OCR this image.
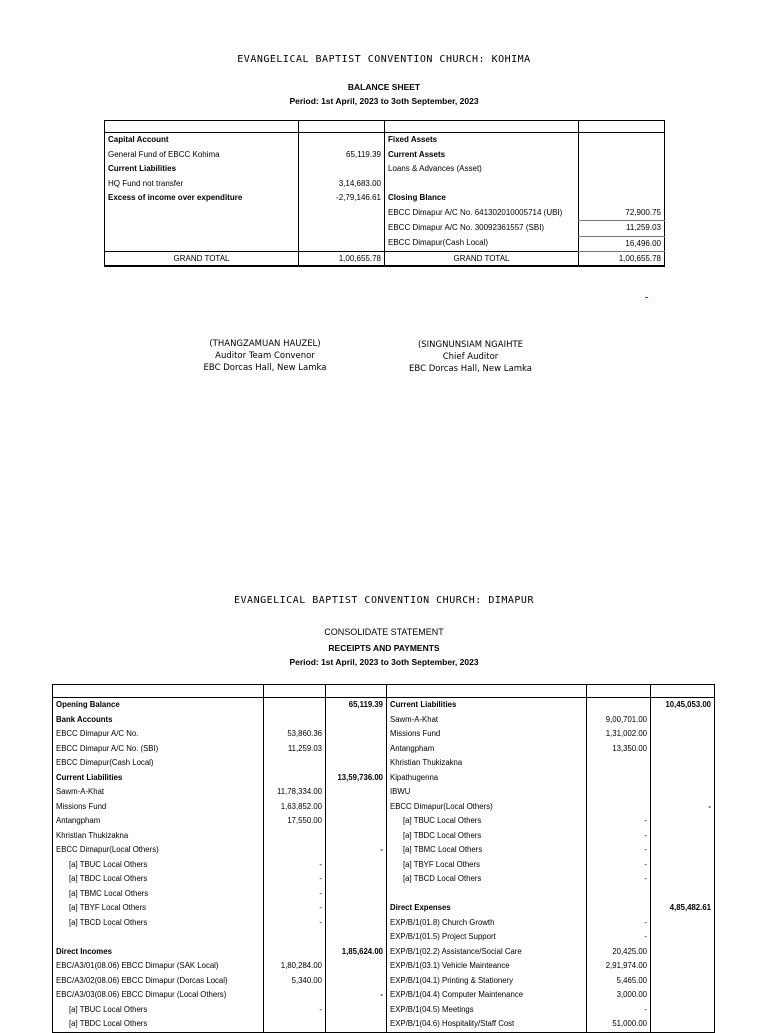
EVANGELICAL BAPTIST CONVENTION CHURCH: KOHIMA
BALANCE SHEET
Period: 1st April, 2023 to 3oth September, 2023

Capital Account		Fixed Assets	
General Fund of EBCC Kohima	65,119.39	Current Assets	
Current Liabilities		Loans & Advances (Asset)	
HQ Fund not transfer	3,14,683.00		
Excess of income over expenditure	-2,79,146.61	Closing Blance	
		EBCC Dimapur A/C No. 641302010005714 (UBI)	72,900.75
		EBCC Dimapur A/C No. 30092361557 (SBI)	11,259.03
		EBCC Dimapur(Cash Local)	16,496.00
GRAND TOTAL	1,00,655.78	GRAND TOTAL	1,00,655.78
(THANGZAMUAN HAUZEL)
Auditor Team Convenor
EBC Dorcas Hall, New Lamka
(SINGNUNSIAM NGAIHTE
Chief Auditor
EBC Dorcas Hall, New Lamka
EVANGELICAL BAPTIST CONVENTION CHURCH: DIMAPUR
CONSOLIDATE STATEMENT
RECEIPTS AND PAYMENTS
Period: 1st April, 2023 to 3oth September, 2023

Opening Balance		65,119.39	Current Liabilities		10,45,053.00
Bank Accounts			Sawm-A-Khat	9,00,701.00	
EBCC Dimapur A/C No.	53,860.36		Missions Fund	1,31,002.00	
EBCC Dimapur A/C No. (SBI)	11,259.03		Antangpham	13,350.00	
EBCC Dimapur(Cash Local)			Khristian Thukizakna		
Current Liabilities		13,59,736.00	Kipathugenna		
Sawm-A-Khat	11,78,334.00		IBWU		
Missions Fund	1,63,852.00		EBCC Dimapur(Local Others)		-
Antangpham	17,550.00		[a] TBUC Local Others	-	
Khristian Thukizakna			[a] TBDC Local Others	-	
EBCC Dimapur(Local Others)		-	[a] TBMC Local Others	-	
[a] TBUC Local Others	-		[a] TBYF Local Others	-	
[a] TBDC Local Others	-		[a] TBCD Local Others	-	
[a] TBMC Local Others	-				
[a] TBYF Local Others	-		Direct Expenses		4,85,482.61
[a] TBCD Local Others	-		EXP/B/1(01.8) Church Growth	-	
			EXP/B/1(01.5) Project Support	-	
Direct Incomes		1,85,624.00	EXP/B/1(02.2) Assistance/Social Care	20,425.00	
EBC/A3/01(08.06) EBCC Dimapur (SAK Local)	1,80,284.00		EXP/B/1(03.1) Vehicle Mainteance	2,91,974.00	
EBC/A3/02(08.06) EBCC Dimapur (Dorcas Local)	5,340.00		EXP/B/1(04.1) Printing & Stationery	5,465.00	
EBC/A3/03(08.06) EBCC Dimapur (Local Others)		-	EXP/B/1(04.4) Computer Maintenance	3,000.00	
[a] TBUC Local Others	-		EXP/B/1(04.5) Meetings	-	
[a] TBDC Local Others			EXP/B/1(04.6) Hospitality/Staff Cost	51,000.00	
